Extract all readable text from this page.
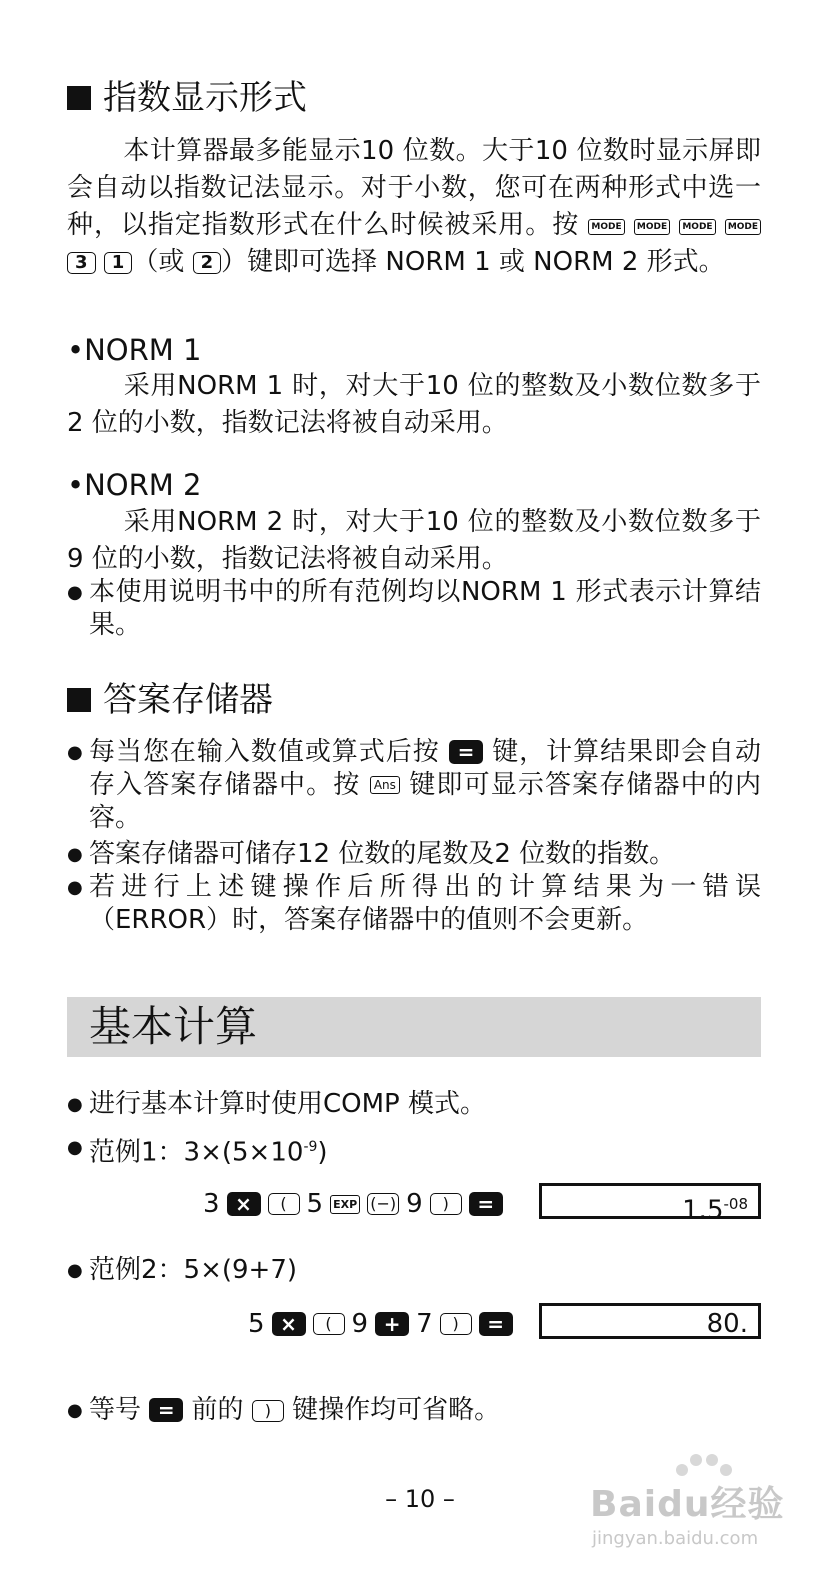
指数显示形式
本计算器最多能显示10 位数。大于10 位数时显示屏即会自动以指数记法显示。对于小数，您可在两种形式中选一种，以指定指数形式在什么时候被采用。按 MODE MODE MODE MODE 3 1 （或 2 ）键即可选择 NORM 1 或 NORM 2 形式。
•NORM 1
采用NORM 1 时，对大于10 位的整数及小数位数多于2 位的小数，指数记法将被自动采用。
•NORM 2
采用NORM 2 时，对大于10 位的整数及小数位数多于9 位的小数，指数记法将被自动采用。
● 本使用说明书中的所有范例均以NORM 1 形式表示计算结果。
答案存储器
● 每当您在输入数值或算式后按 = 键，计算结果即会自动存入答案存储器中。按 Ans 键即可显示答案存储器中的内容。
● 答案存储器可储存12 位数的尾数及2 位数的指数。
● 若进行上述键操作后所得出的计算结果为一错误（ERROR）时，答案存储器中的值则不会更新。
基本计算
● 进行基本计算时使用COMP 模式。
● 范例1：$3\times(5\times 10^{-9})$
3 ×	( 5 EXP (−) 9	)	=	$1.5^{-08}$
● 范例2：5×(9+7)
5 ×	( 9 + 7	)	=	80.
● 等号 = 前的 ) 键操作均可省略。
– 10 –	Baidu经验
jingyan.baidu.com
